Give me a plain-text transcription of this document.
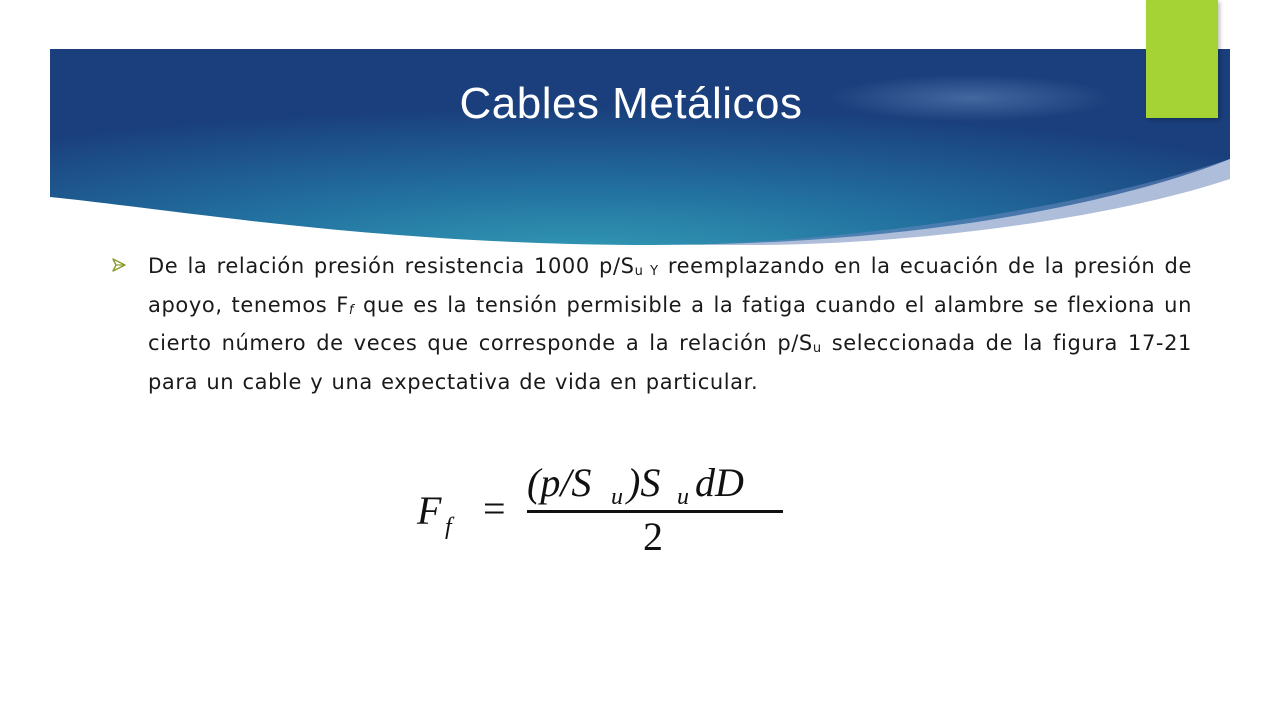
Cables Metálicos

De la relación presión resistencia 1000 p/Su Y reemplazando en la ecuación de la presión de apoyo, tenemos Ff que es la tensión permisible a la fatiga cuando el alambre se flexiona un cierto número de veces que corresponde a la relación p/Su seleccionada de la figura 17-21 para un cable y una expectativa de vida en particular.

F f =
(p/S u )S u dD
2
